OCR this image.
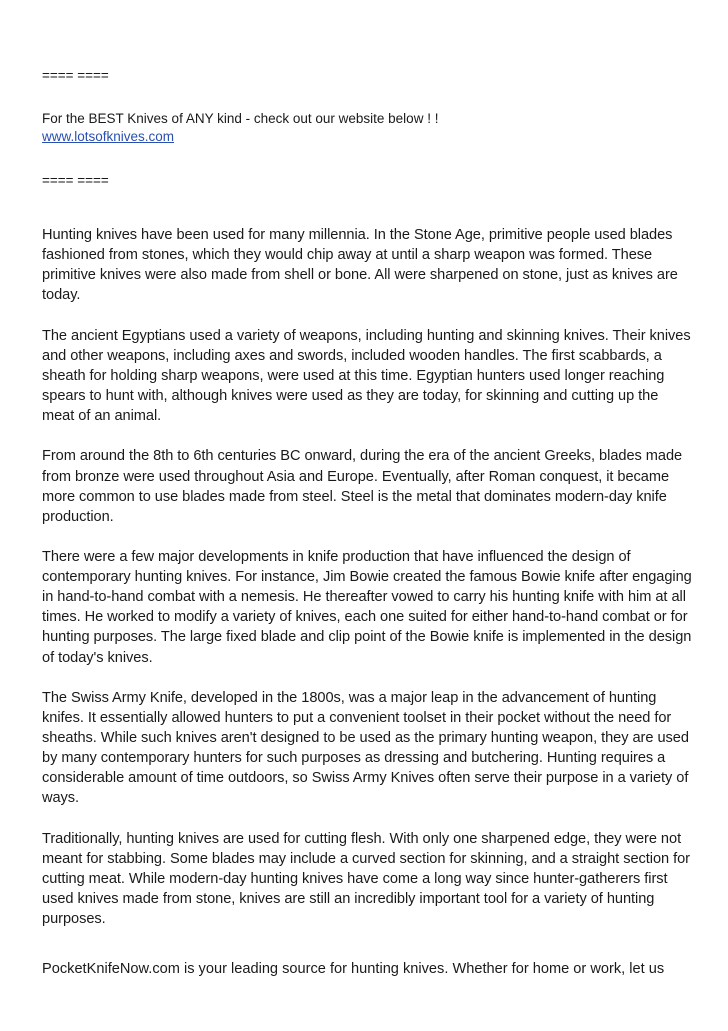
==== ====

For the BEST Knives of ANY kind - check out our website below ! !
www.lotsofknives.com

==== ====

Hunting knives have been used for many millennia. In the Stone Age, primitive people used blades fashioned from stones, which they would chip away at until a sharp weapon was formed. These primitive knives were also made from shell or bone. All were sharpened on stone, just as knives are today.

The ancient Egyptians used a variety of weapons, including hunting and skinning knives. Their knives and other weapons, including axes and swords, included wooden handles. The first scabbards, a sheath for holding sharp weapons, were used at this time. Egyptian hunters used longer reaching spears to hunt with, although knives were used as they are today, for skinning and cutting up the meat of an animal.

From around the 8th to 6th centuries BC onward, during the era of the ancient Greeks, blades made from bronze were used throughout Asia and Europe. Eventually, after Roman conquest, it became more common to use blades made from steel. Steel is the metal that dominates modern-day knife production.

There were a few major developments in knife production that have influenced the design of contemporary hunting knives. For instance, Jim Bowie created the famous Bowie knife after engaging in hand-to-hand combat with a nemesis. He thereafter vowed to carry his hunting knife with him at all times. He worked to modify a variety of knives, each one suited for either hand-to-hand combat or for hunting purposes. The large fixed blade and clip point of the Bowie knife is implemented in the design of today's knives.

The Swiss Army Knife, developed in the 1800s, was a major leap in the advancement of hunting knifes. It essentially allowed hunters to put a convenient toolset in their pocket without the need for sheaths. While such knives aren't designed to be used as the primary hunting weapon, they are used by many contemporary hunters for such purposes as dressing and butchering. Hunting requires a considerable amount of time outdoors, so Swiss Army Knives often serve their purpose in a variety of ways.

Traditionally, hunting knives are used for cutting flesh. With only one sharpened edge, they were not meant for stabbing. Some blades may include a curved section for skinning, and a straight section for cutting meat. While modern-day hunting knives have come a long way since hunter-gatherers first used knives made from stone, knives are still an incredibly important tool for a variety of hunting purposes.

PocketKnifeNow.com is your leading source for hunting knives. Whether for home or work, let us
